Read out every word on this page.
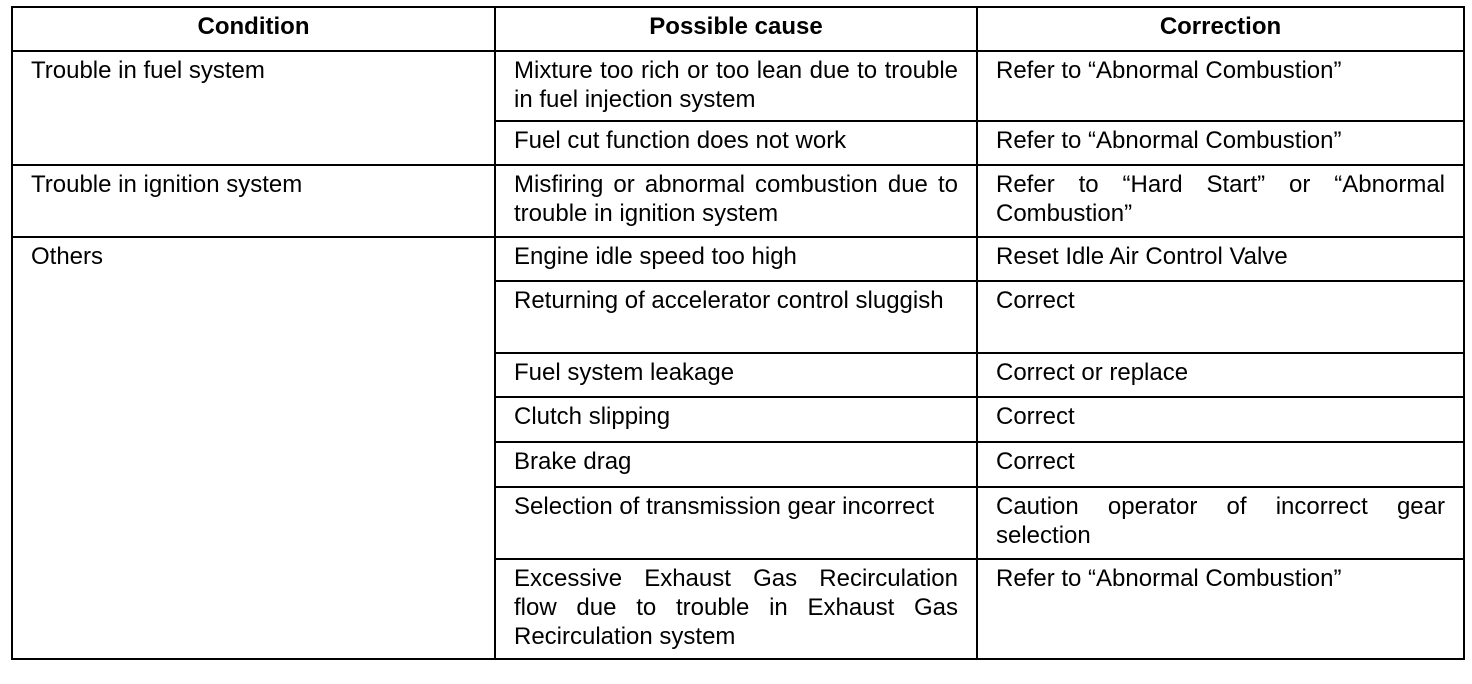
Condition	Possible cause	Correction
Trouble in fuel system	Mixture too rich or too lean due to trouble in fuel injection system	Refer to “Abnormal Combustion”
	Fuel cut function does not work	Refer to “Abnormal Combustion”
Trouble in ignition system	Misfiring or abnormal combustion due to trouble in ignition system	Refer to “Hard Start” or “Abnormal Combustion”
Others	Engine idle speed too high	Reset Idle Air Control Valve
	Returning of accelerator control sluggish	Correct
	Fuel system leakage	Correct or replace
	Clutch slipping	Correct
	Brake drag	Correct
	Selection of transmission gear incorrect	Caution operator of incorrect gear selection
	Excessive Exhaust Gas Recirculation flow due to trouble in Exhaust Gas Recirculation system	Refer to “Abnormal Combustion”
